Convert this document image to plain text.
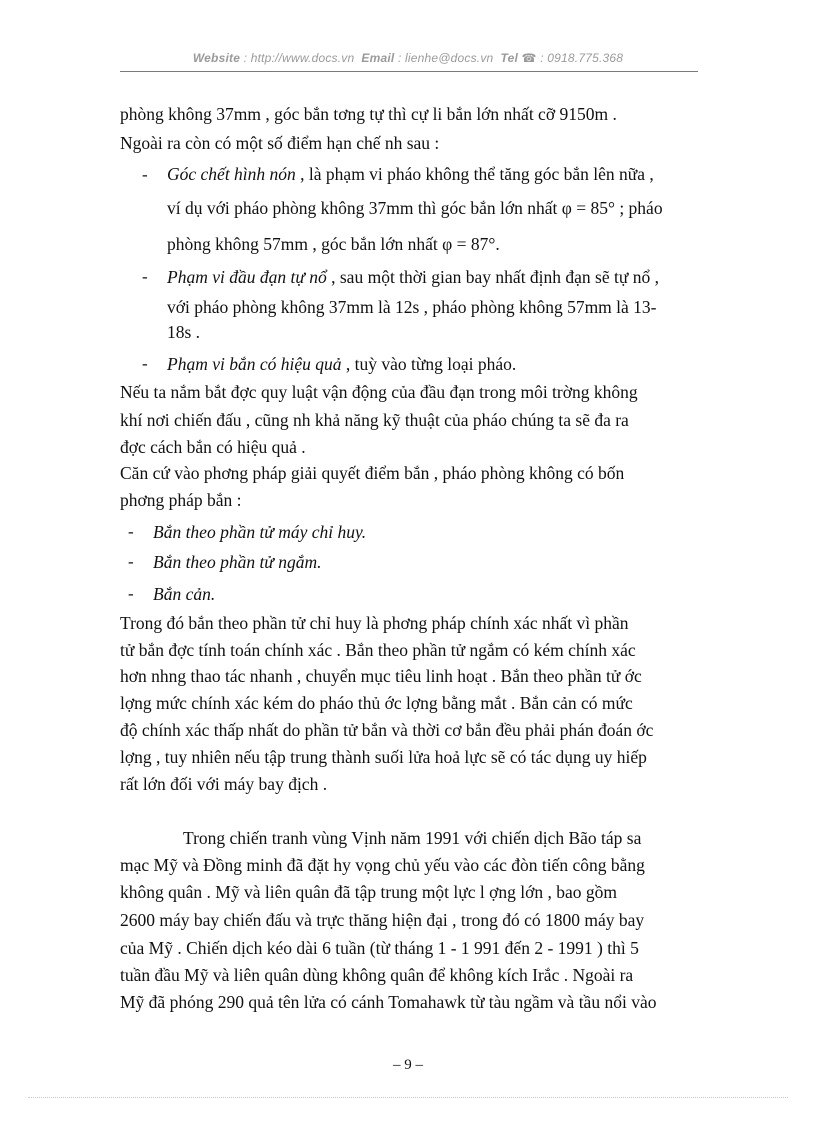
Website : http://www.docs.vn Email : lienhe@docs.vn Tel ☎ : 0918.775.368
phòng không 37mm , góc bắn tơng tự thì cự li bắn lớn nhất cỡ 9150m .
Ngoài ra còn có một số điểm hạn chế nh sau :
- Góc chết hình nón , là phạm vi pháo không thể tăng góc bắn lên nữa ,
ví dụ với pháo phòng không 37mm thì góc bắn lớn nhất φ = 85° ; pháo
phòng không 57mm , góc bắn lớn nhất φ = 87°.
- Phạm vi đầu đạn tự nổ , sau một thời gian bay nhất định đạn sẽ tự nổ ,
với pháo phòng không 37mm là 12s , pháo phòng không 57mm là 13-
18s .
- Phạm vi bắn có hiệu quả , tuỳ vào từng loại pháo.
Nếu ta nắm bắt đợc quy luật vận động của đầu đạn trong môi trờng không
khí nơi chiến đấu , cũng nh khả năng kỹ thuật của pháo chúng ta sẽ đa ra
đợc cách bắn có hiệu quả .
Căn cứ vào phơng pháp giải quyết điểm bắn , pháo phòng không có bốn
phơng pháp bắn :
- Bắn theo phần tử máy chỉ huy.
- Bắn theo phần tử ngắm.
- Bắn cản.
Trong đó bắn theo phần tử chỉ huy là phơng pháp chính xác nhất vì phần
tử bắn đợc tính toán chính xác . Bắn theo phần tử ngắm có kém chính xác
hơn nhng thao tác nhanh , chuyển mục tiêu linh hoạt . Bắn theo phần tử ớc
lợng mức chính xác kém do pháo thủ ớc lợng bằng mắt . Bắn cản có mức
độ chính xác thấp nhất do phần tử bắn và thời cơ bắn đều phải phán đoán ớc
lợng , tuy nhiên nếu tập trung thành suối lửa hoả lực sẽ có tác dụng uy hiếp
rất lớn đối với máy bay địch .
Trong chiến tranh vùng Vịnh năm 1991 với chiến dịch Bão táp sa
mạc Mỹ và Đồng minh đã đặt hy vọng chủ yếu vào các đòn tiến công bằng
không quân . Mỹ và liên quân đã tập trung một lực l ợng lớn , bao gồm
2600 máy bay chiến đấu và trực thăng hiện đại , trong đó có 1800 máy bay
của Mỹ . Chiến dịch kéo dài 6 tuần (từ tháng 1 - 1 991 đến 2 - 1991 ) thì 5
tuần đầu Mỹ và liên quân dùng không quân để không kích Irắc . Ngoài ra
Mỹ đã phóng 290 quả tên lửa có cánh Tomahawk từ tàu ngầm và tầu nổi vào
– 9 –
